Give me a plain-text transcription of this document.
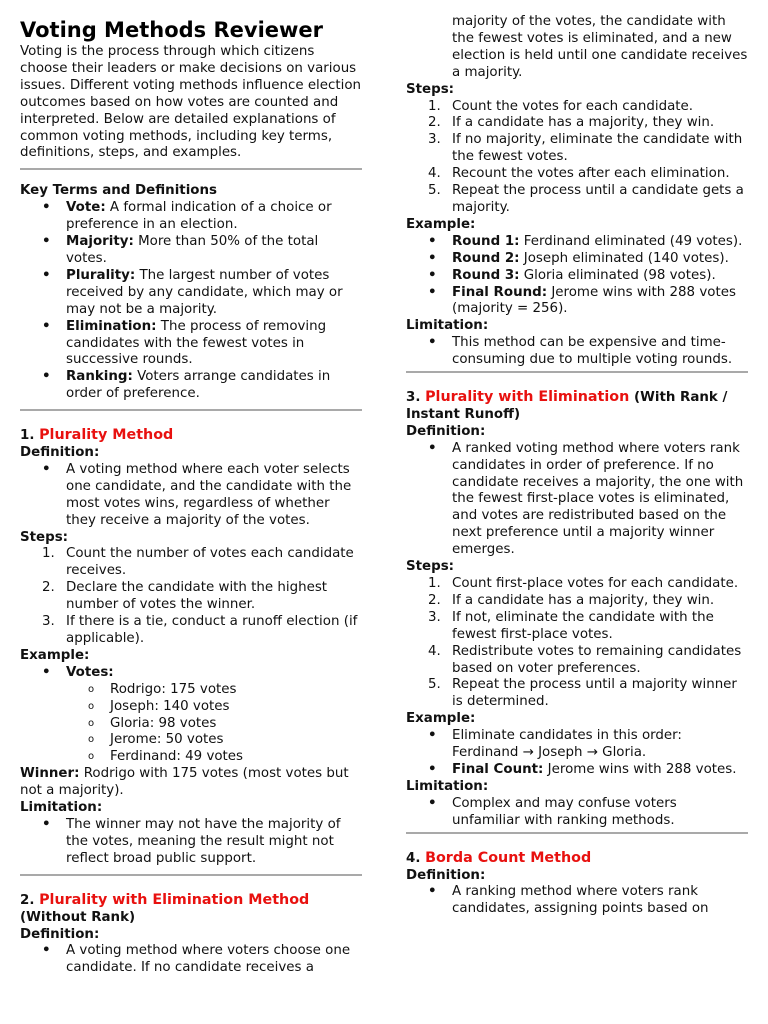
Voting Methods Reviewer

Voting is the process through which citizens choose their leaders or make decisions on various issues. Different voting methods influence election outcomes based on how votes are counted and interpreted. Below are detailed explanations of common voting methods, including key terms, definitions, steps, and examples.

Key Terms and Definitions

• Vote: A formal indication of a choice or preference in an election.
• Majority: More than 50% of the total votes.
• Plurality: The largest number of votes received by any candidate, which may or may not be a majority.
• Elimination: The process of removing candidates with the fewest votes in successive rounds.
• Ranking: Voters arrange candidates in order of preference.

1. Plurality Method

Definition:

• A voting method where each voter selects one candidate, and the candidate with the most votes wins, regardless of whether they receive a majority of the votes.

Steps:

1. Count the number of votes each candidate receives.
2. Declare the candidate with the highest number of votes the winner.
3. If there is a tie, conduct a runoff election (if applicable).

Example:

• Votes:
o Rodrigo: 175 votes
o Joseph: 140 votes
o Gloria: 98 votes
o Jerome: 50 votes
o Ferdinand: 49 votes

Winner: Rodrigo with 175 votes (most votes but not a majority).

Limitation:

• The winner may not have the majority of the votes, meaning the result might not reflect broad public support.

2. Plurality with Elimination Method

(Without Rank)

Definition:

• A voting method where voters choose one candidate. If no candidate receives a
majority of the votes, the candidate with the fewest votes is eliminated, and a new election is held until one candidate receives a majority.

Steps:

1. Count the votes for each candidate.
2. If a candidate has a majority, they win.
3. If no majority, eliminate the candidate with the fewest votes.
4. Recount the votes after each elimination.
5. Repeat the process until a candidate gets a majority.

Example:

• Round 1: Ferdinand eliminated (49 votes).
• Round 2: Joseph eliminated (140 votes).
• Round 3: Gloria eliminated (98 votes).
• Final Round: Jerome wins with 288 votes (majority = 256).

Limitation:

• This method can be expensive and time-consuming due to multiple voting rounds.

3. Plurality with Elimination (With Rank / Instant Runoff)

Definition:

• A ranked voting method where voters rank candidates in order of preference. If no candidate receives a majority, the one with the fewest first-place votes is eliminated, and votes are redistributed based on the next preference until a majority winner emerges.

Steps:

1. Count first-place votes for each candidate.
2. If a candidate has a majority, they win.
3. If not, eliminate the candidate with the fewest first-place votes.
4. Redistribute votes to remaining candidates based on voter preferences.
5. Repeat the process until a majority winner is determined.

Example:

• Eliminate candidates in this order: Ferdinand → Joseph → Gloria.
• Final Count: Jerome wins with 288 votes.

Limitation:

• Complex and may confuse voters unfamiliar with ranking methods.

4. Borda Count Method

Definition:

• A ranking method where voters rank candidates, assigning points based on
